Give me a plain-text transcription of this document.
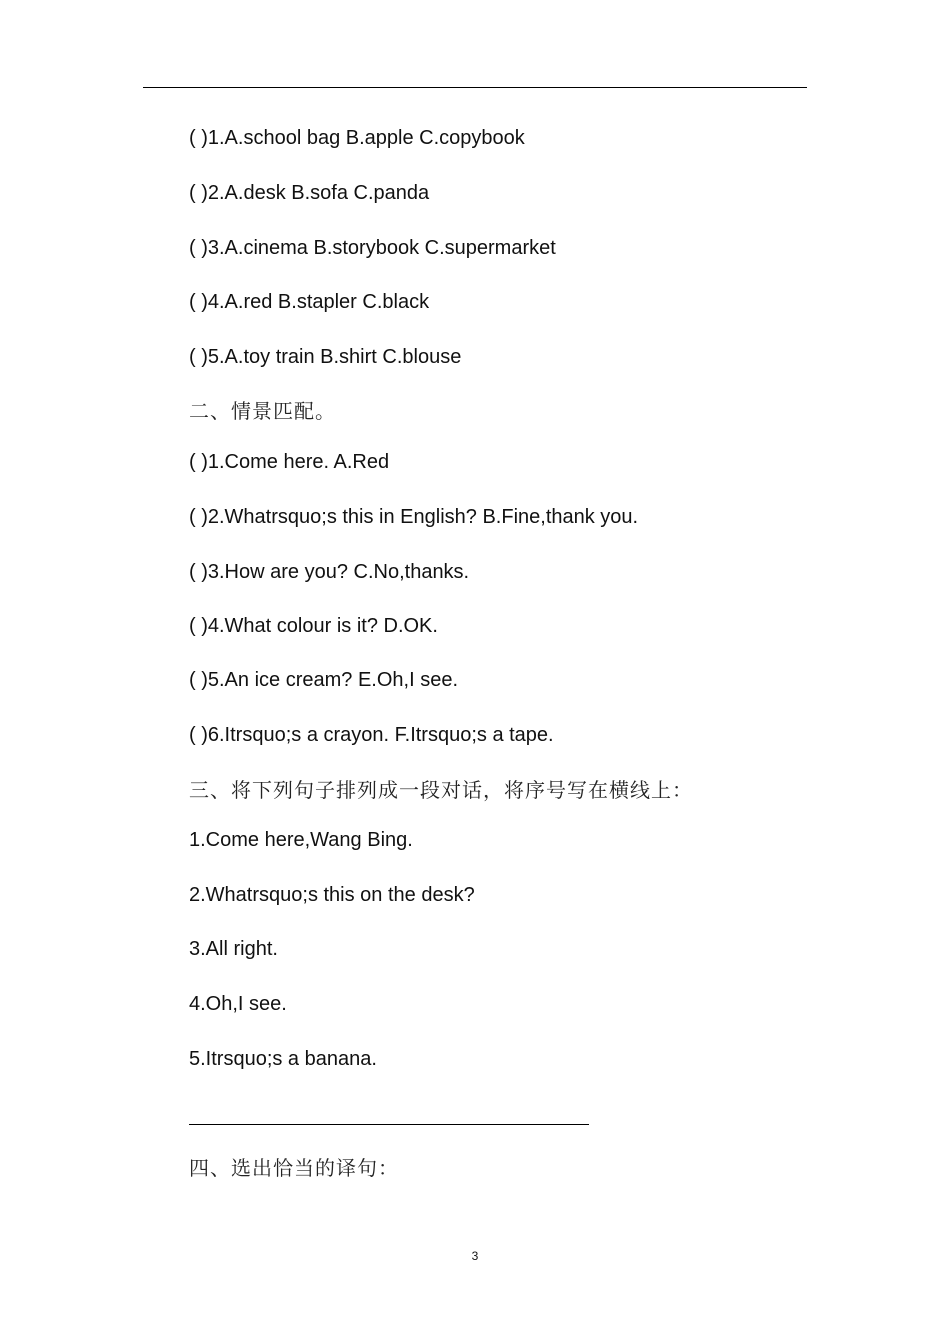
( )1.A.school bag B.apple C.copybook
( )2.A.desk B.sofa C.panda
( )3.A.cinema B.storybook C.supermarket
( )4.A.red B.stapler C.black
( )5.A.toy train B.shirt C.blouse
二、情景匹配。
( )1.Come here. A.Red
( )2.Whatrsquo;s this in English? B.Fine,thank you.
( )3.How are you? C.No,thanks.
( )4.What colour is it? D.OK.
( )5.An ice cream? E.Oh,I see.
( )6.Itrsquo;s a crayon. F.Itrsquo;s a tape.
三、将下列句子排列成一段对话，将序号写在横线上：
1.Come here,Wang Bing.
2.Whatrsquo;s this on the desk?
3.All right.
4.Oh,I see.
5.Itrsquo;s a banana.
四、选出恰当的译句：
3
